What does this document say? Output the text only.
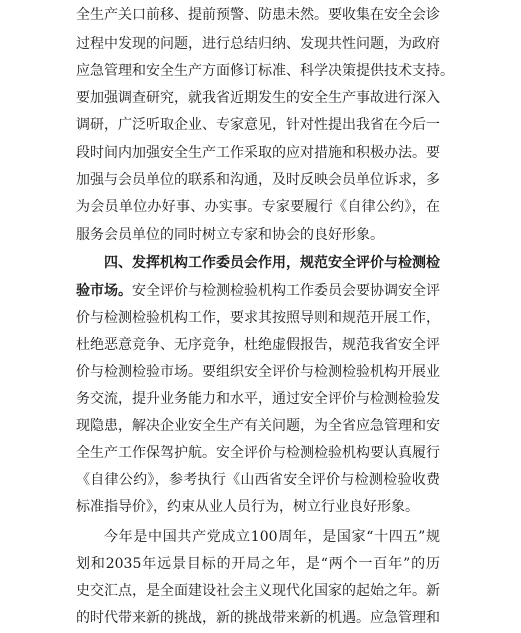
全生产关口前移、提前预警、防患未然。要收集在安全会诊
过程中发现的问题，进行总结归纳、发现共性问题，为政府
应急管理和安全生产方面修订标准、科学决策提供技术支持。
要加强调查研究，就我省近期发生的安全生产事故进行深入
调研，广泛听取企业、专家意见，针对性提出我省在今后一
段时间内加强安全生产工作采取的应对措施和积极办法。要
加强与会员单位的联系和沟通，及时反映会员单位诉求，多
为会员单位办好事、办实事。专家要履行《自律公约》，在
服务会员单位的同时树立专家和协会的良好形象。
四、发挥机构工作委员会作用，规范安全评价与检测检
验市场。安全评价与检测检验机构工作委员会要协调安全评
价与检测检验机构工作，要求其按照导则和规范开展工作，
杜绝恶意竞争、无序竞争，杜绝虚假报告，规范我省安全评
价与检测检验市场。要组织安全评价与检测检验机构开展业
务交流，提升业务能力和水平，通过安全评价与检测检验发
现隐患，解决企业安全生产有关问题，为全省应急管理和安
全生产工作保驾护航。安全评价与检测检验机构要认真履行
《自律公约》，参考执行《山西省安全评价与检测检验收费
标准指导价》，约束从业人员行为，树立行业良好形象。
今年是中国共产党成立100周年，是国家“十四五”规
划和2035年远景目标的开局之年，是“两个一百年”的历
史交汇点，是全面建设社会主义现代化国家的起始之年。新
的时代带来新的挑战，新的挑战带来新的机遇。应急管理和
